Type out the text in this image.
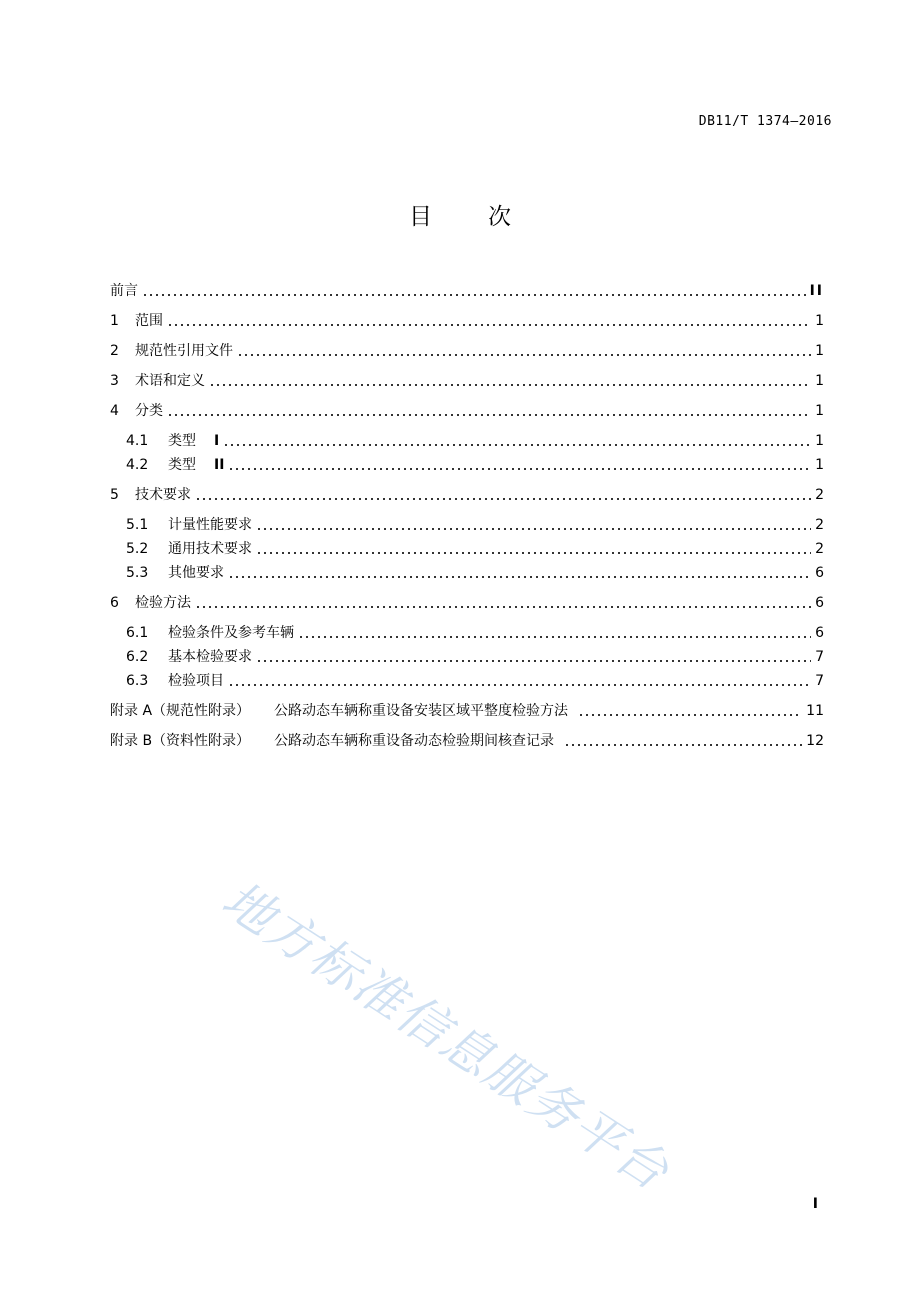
DB11/T 1374—2016
目 次
前言	II
1	范围	1
2	规范性引用文件	1
3	术语和定义	1
4	分类	1
4.1	类型 I	1
4.2	类型 II	1
5	技术要求	2
5.1	计量性能要求	2
5.2	通用技术要求	2
5.3	其他要求	6
6	检验方法	6
6.1	检验条件及参考车辆	6
6.2	基本检验要求	7
6.3	检验项目	7
附录 A（规范性附录） 公路动态车辆称重设备安装区域平整度检验方法	11
附录 B（资料性附录） 公路动态车辆称重设备动态检验期间核查记录	12
地方标准信息服务平台
I
